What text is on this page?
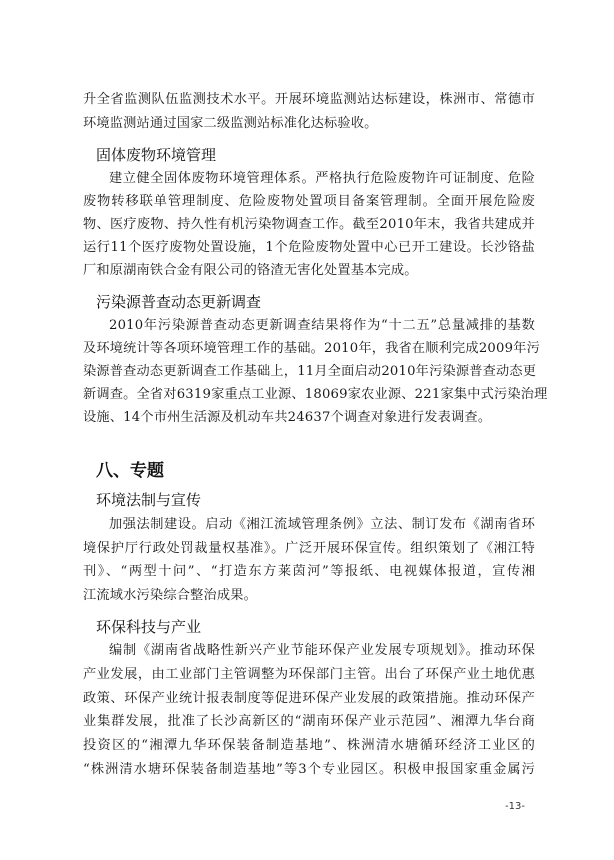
升全省监测队伍监测技术水平。开展环境监测站达标建设，株洲市、常德市
环境监测站通过国家二级监测站标准化达标验收。
固体废物环境管理
建立健全固体废物环境管理体系。严格执行危险废物许可证制度、危险
废物转移联单管理制度、危险废物处置项目备案管理制。全面开展危险废
物、医疗废物、持久性有机污染物调查工作。截至2010年末，我省共建成并
运行11个医疗废物处置设施，1个危险废物处置中心已开工建设。长沙铬盐
厂和原湖南铁合金有限公司的铬渣无害化处置基本完成。
污染源普查动态更新调查
2010年污染源普查动态更新调查结果将作为“十二五”总量减排的基数
及环境统计等各项环境管理工作的基础。2010年，我省在顺利完成2009年污
染源普查动态更新调查工作基础上，11月全面启动2010年污染源普查动态更
新调查。全省对6319家重点工业源、18069家农业源、221家集中式污染治理
设施、14个市州生活源及机动车共24637个调查对象进行发表调查。
八、专题
环境法制与宣传
加强法制建设。启动《湘江流域管理条例》立法、制订发布《湖南省环
境保护厅行政处罚裁量权基准》。广泛开展环保宣传。组织策划了《湘江特
刊》、“两型十问”、“打造东方莱茵河”等报纸、电视媒体报道，宣传湘
江流域水污染综合整治成果。
环保科技与产业
编制《湖南省战略性新兴产业节能环保产业发展专项规划》。推动环保
产业发展，由工业部门主管调整为环保部门主管。出台了环保产业土地优惠
政策、环保产业统计报表制度等促进环保产业发展的政策措施。推动环保产
业集群发展，批准了长沙高新区的“湖南环保产业示范园”、湘潭九华台商
投资区的“湘潭九华环保装备制造基地”、株洲清水塘循环经济工业区的
“株洲清水塘环保装备制造基地”等3个专业园区。积极申报国家重金属污
-13-
